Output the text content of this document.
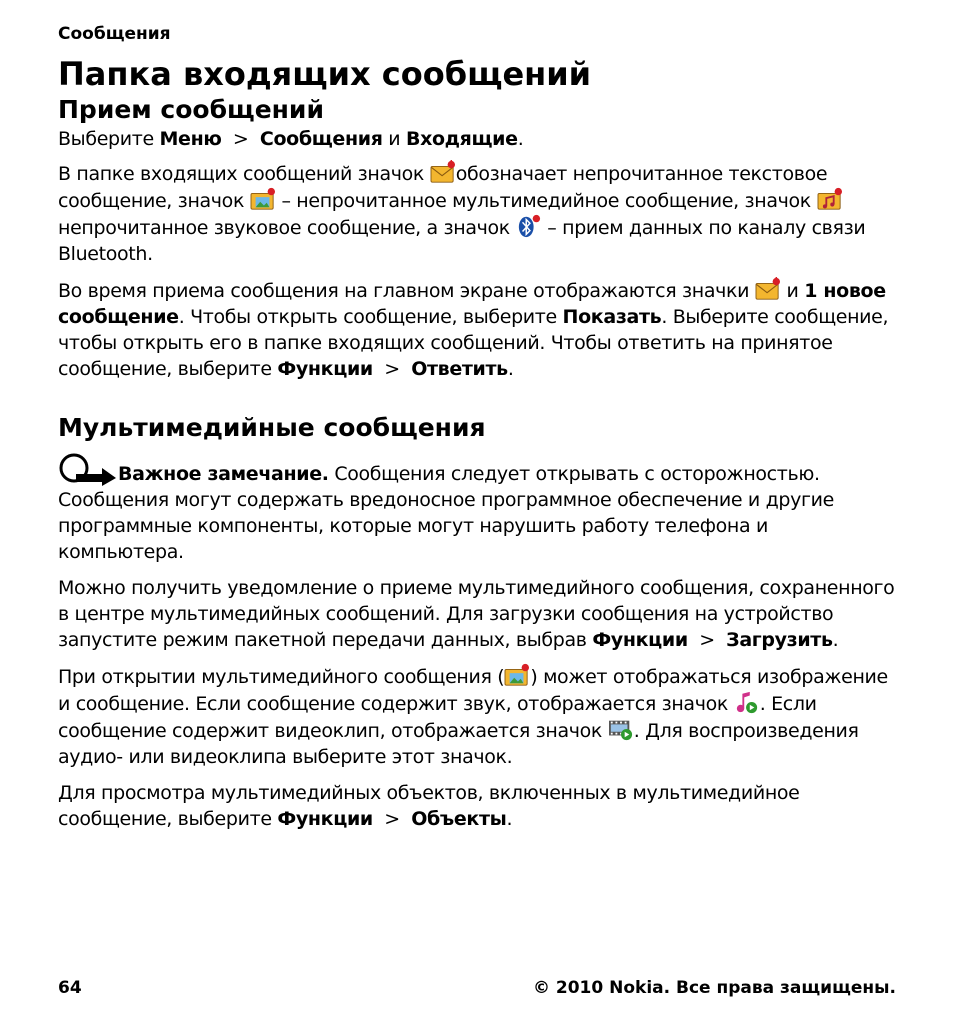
Сообщения
Папка входящих сообщений
Прием сообщений

Выберите Меню  >  Сообщения и Входящие.

В папке входящих сообщений значок обозначает непрочитанное текстовое сообщение, значок  – непрочитанное мультимедийное сообщение, значок  непрочитанное звуковое сообщение, а значок  – прием данных по каналу связи Bluetooth.

Во время приема сообщения на главном экране отображаются значки  и 1 новое сообщение. Чтобы открыть сообщение, выберите Показать. Выберите сообщение, чтобы открыть его в папке входящих сообщений. Чтобы ответить на принятое сообщение, выберите Функции  >  Ответить.

Мультимедийные сообщения

Важное замечание. Сообщения следует открывать с осторожностью. Сообщения могут содержать вредоносное программное обеспечение и другие программные компоненты, которые могут нарушить работу телефона и компьютера.

Можно получить уведомление о приеме мультимедийного сообщения, сохраненного в центре мультимедийных сообщений. Для загрузки сообщения на устройство запустите режим пакетной передачи данных, выбрав Функции  >  Загрузить.

При открытии мультимедийного сообщения ( ) может отображаться изображение и сообщение. Если сообщение содержит звук, отображается значок . Если сообщение содержит видеоклип, отображается значок . Для воспроизведения аудио- или видеоклипа выберите этот значок.

Для просмотра мультимедийных объектов, включенных в мультимедийное сообщение, выберите Функции  >  Объекты.

64	© 2010 Nokia. Все права защищены.
